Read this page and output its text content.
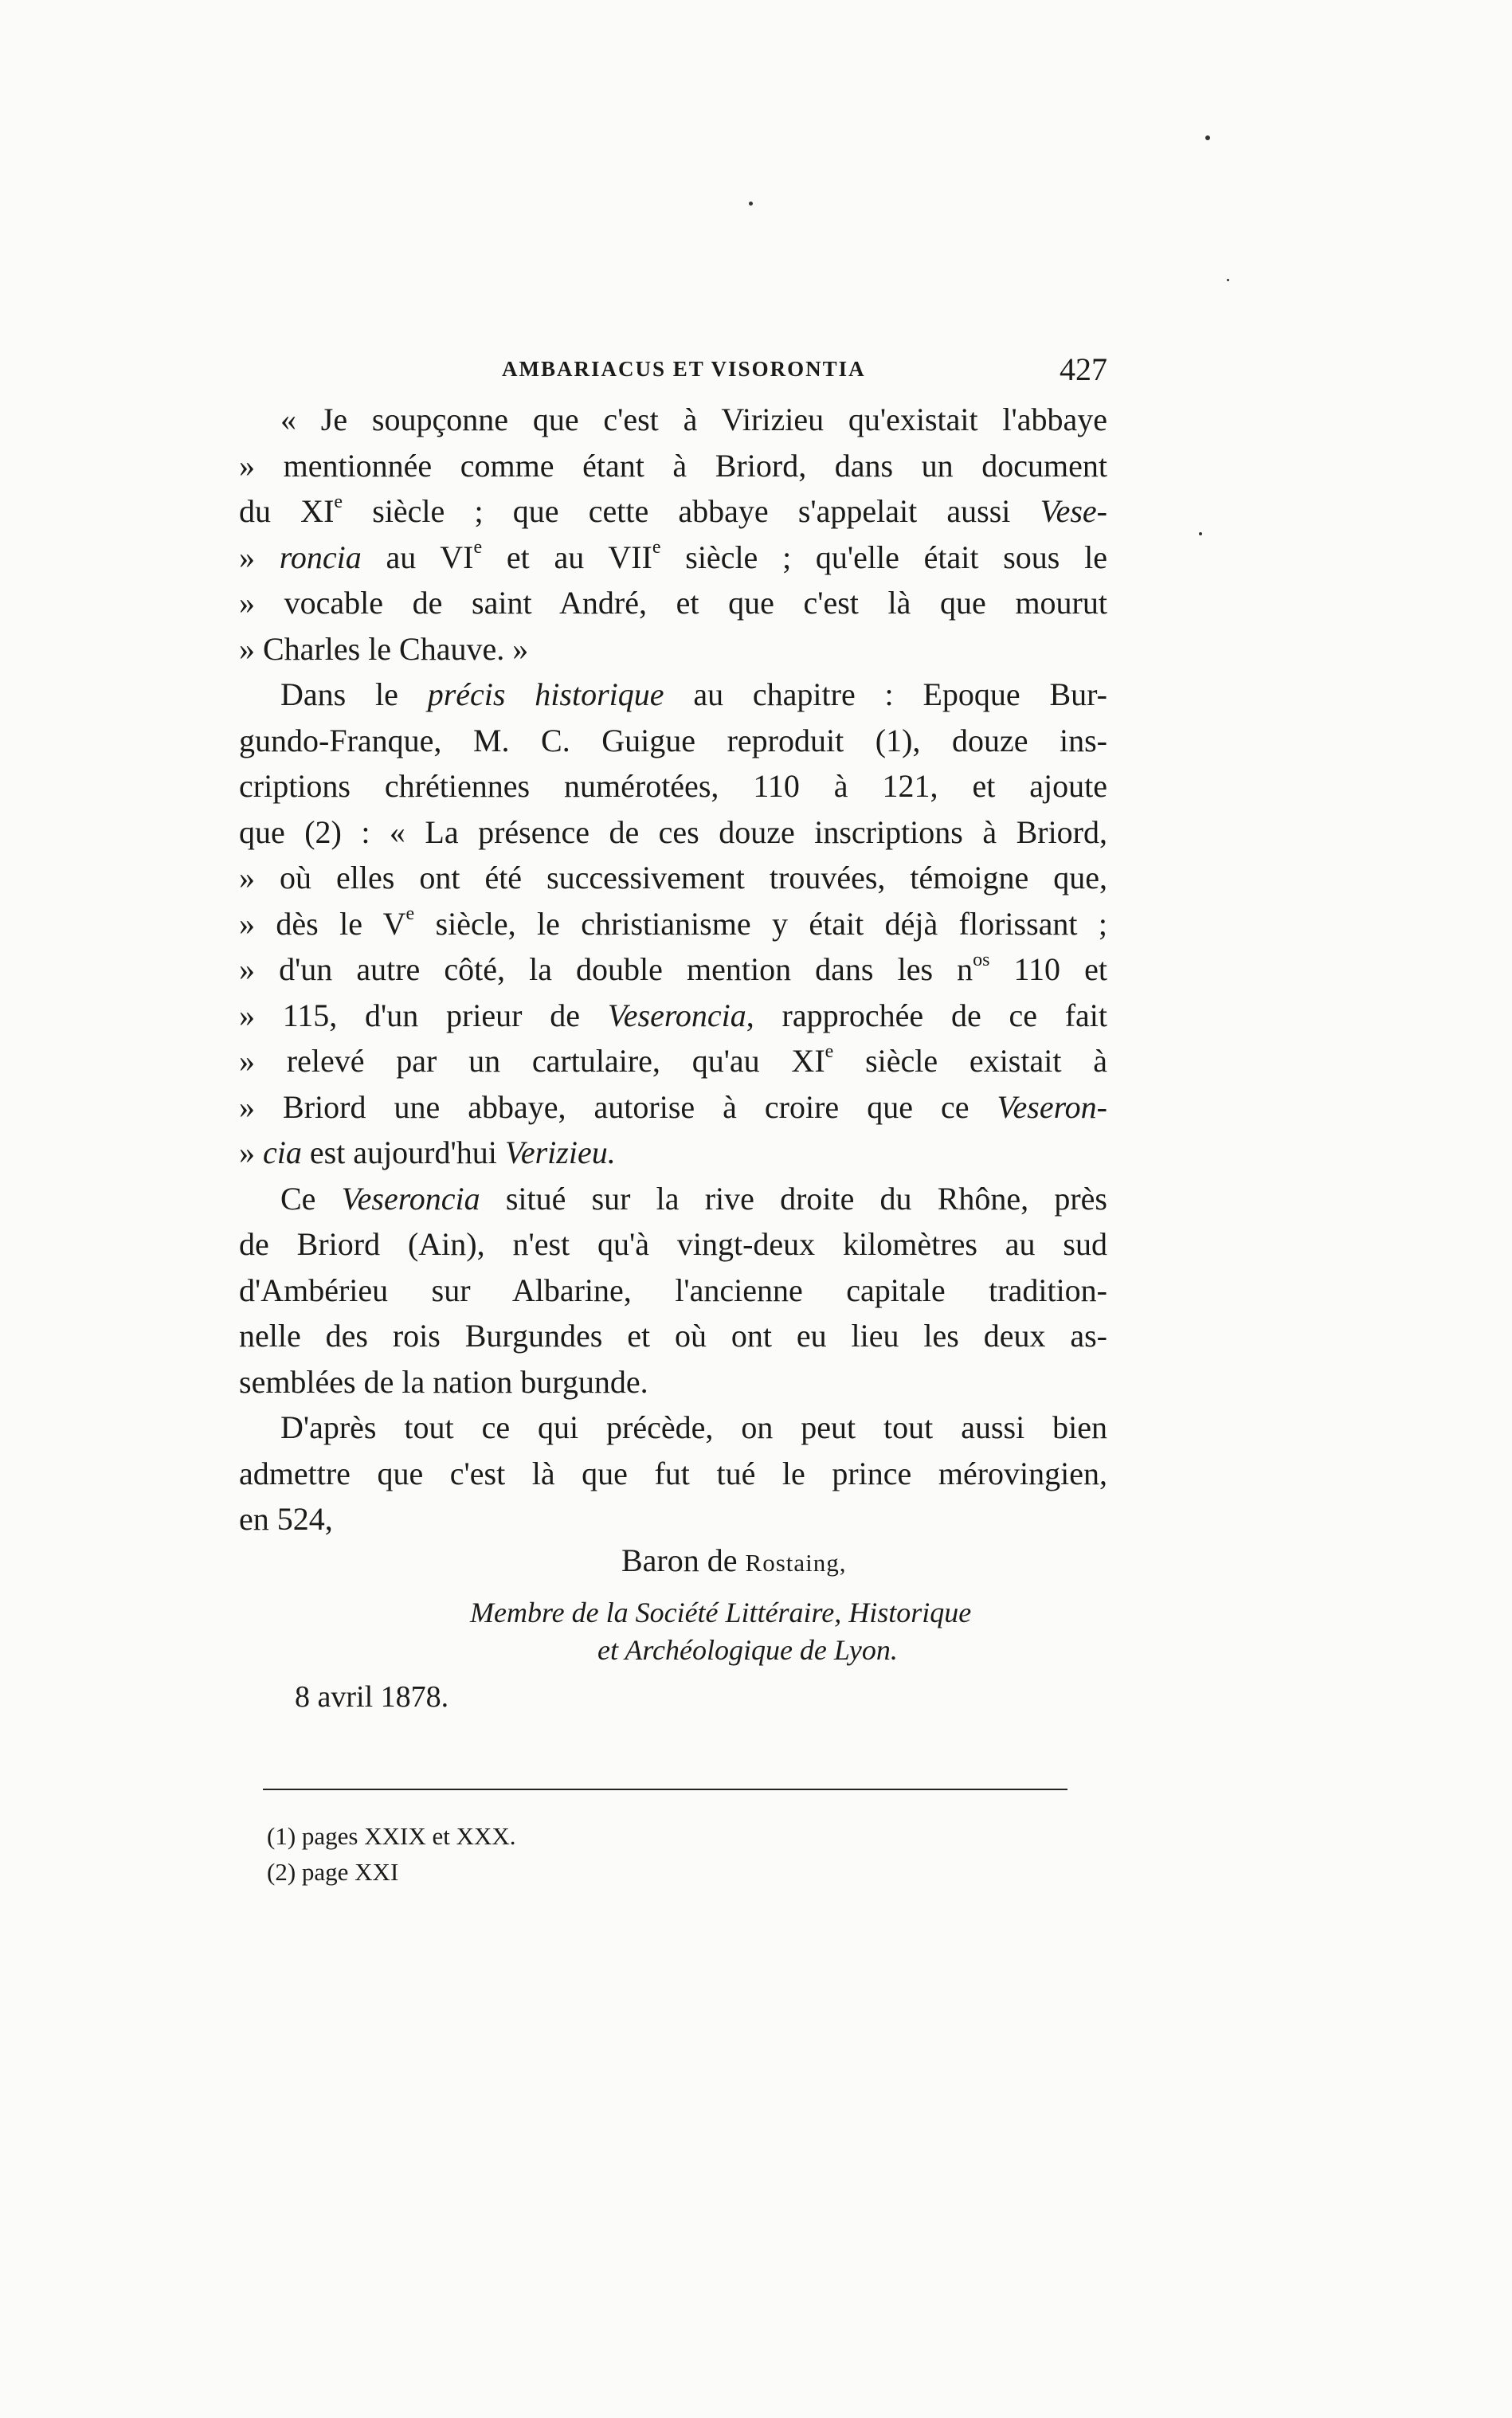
AMBARIACUS ET VISORONTIA	427
« Je soupçonne que c'est à Virizieu qu'existait l'abbaye
» mentionnée comme étant à Briord, dans un document
du XIe siècle ; que cette abbaye s'appelait aussi Vese-
» roncia au VIe et au VIIe siècle ; qu'elle était sous le
» vocable de saint André, et que c'est là que mourut
» Charles le Chauve. »
Dans le précis historique au chapitre : Epoque Bur-
gundo-Franque, M. C. Guigue reproduit (1), douze ins-
criptions chrétiennes numérotées, 110 à 121, et ajoute
que (2) : « La présence de ces douze inscriptions à Briord,
» où elles ont été successivement trouvées, témoigne que,
» dès le Ve siècle, le christianisme y était déjà florissant ;
» d'un autre côté, la double mention dans les $n^{os}$ 110 et
» 115, d'un prieur de Veseroncia, rapprochée de ce fait
» relevé par un cartulaire, qu'au XIe siècle existait à
» Briord une abbaye, autorise à croire que ce Veseron-
» cia est aujourd'hui Verizieu.
Ce Veseroncia situé sur la rive droite du Rhône, près
de Briord (Ain), n'est qu'à vingt-deux kilomètres au sud
d'Ambérieu sur Albarine, l'ancienne capitale tradition-
nelle des rois Burgundes et où ont eu lieu les deux as-
semblées de la nation burgunde.
D'après tout ce qui précède, on peut tout aussi bien
admettre que c'est là que fut tué le prince mérovingien,
en 524,
Baron de Rostaing,
Membre de la Société Littéraire, Historique
et Archéologique de Lyon.
8 avril 1878.
(1) pages XXIX et XXX.
(2) page XXI
